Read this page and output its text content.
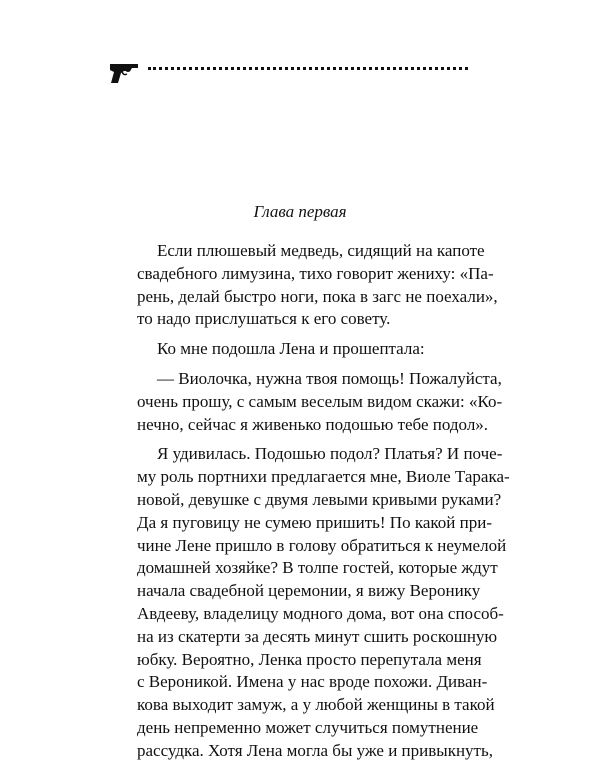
Глава первая
Если плюшевый медведь, сидящий на капоте
свадебного лимузина, тихо говорит жениху: «Па-
рень, делай быстро ноги, пока в загс не поехали»,
то надо прислушаться к его совету.
Ко мне подошла Лена и прошептала:
— Виолочка, нужна твоя помощь! Пожалуйста,
очень прошу, с самым веселым видом скажи: «Ко-
нечно, сейчас я живенько подошью тебе подол».
Я удивилась. Подошью подол? Платья? И поче-
му роль портнихи предлагается мне, Виоле Тарака-
новой, девушке с двумя левыми кривыми руками?
Да я пуговицу не сумею пришить! По какой при-
чине Лене пришло в голову обратиться к неумелой
домашней хозяйке? В толпе гостей, которые ждут
начала свадебной церемонии, я вижу Веронику
Авдееву, владелицу модного дома, вот она способ-
на из скатерти за десять минут сшить роскошную
юбку. Вероятно, Ленка просто перепутала меня
с Вероникой. Имена у нас вроде похожи. Диван-
кова выходит замуж, а у любой женщины в такой
день непременно может случиться помутнение
рассудка. Хотя Лена могла бы уже и привыкнуть,
